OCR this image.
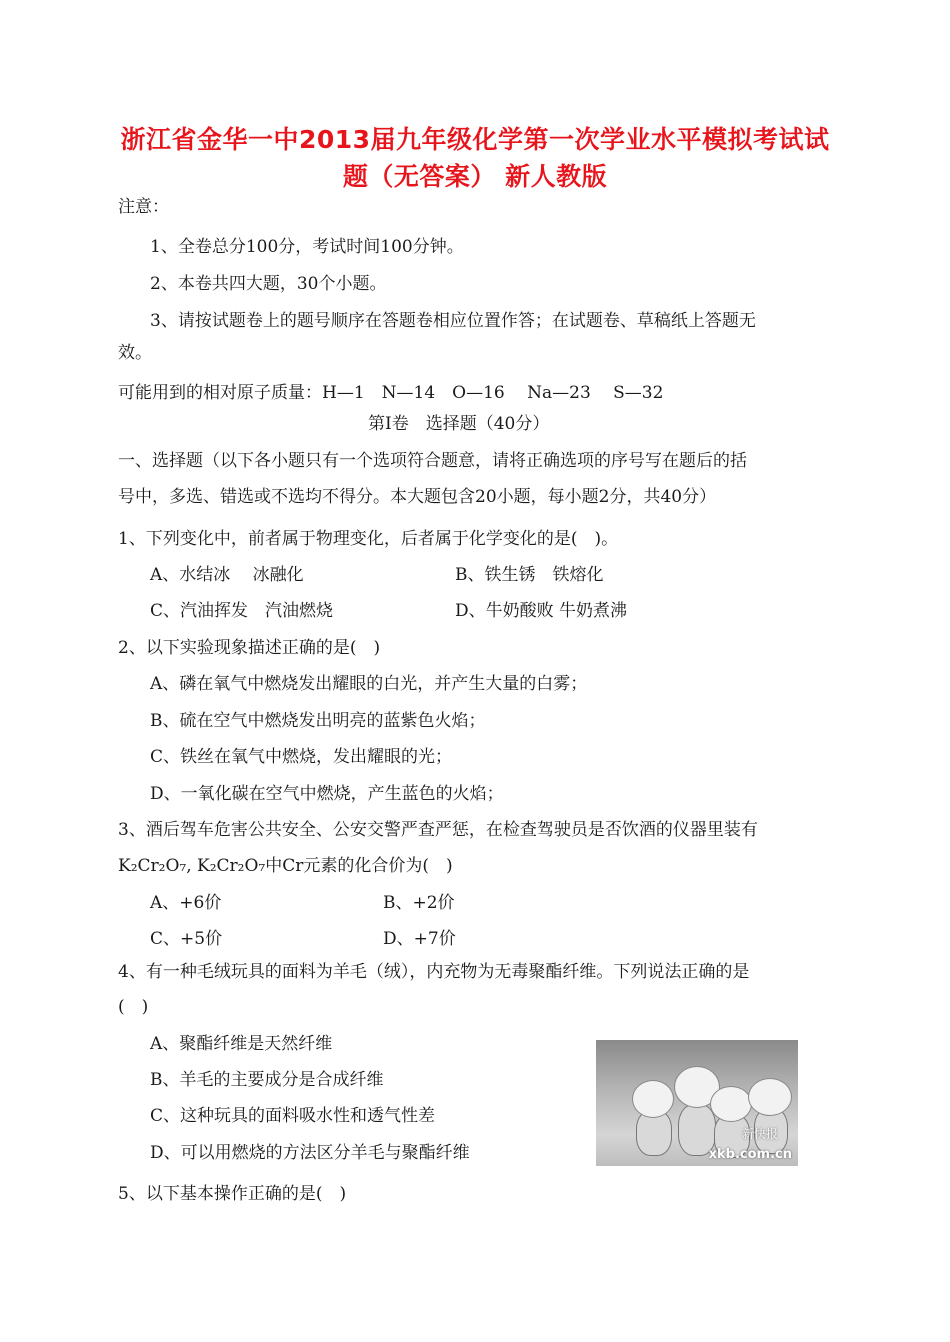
浙江省金华一中2013届九年级化学第一次学业水平模拟考试试
题（无答案） 新人教版
注意：
1、全卷总分100分，考试时间100分钟。
2、本卷共四大题，30个小题。
3、请按试题卷上的题号顺序在答题卷相应位置作答；在试题卷、草稿纸上答题无
效。
可能用到的相对原子质量：H—1　N—14　O—16　 Na—23　 S—32
第Ⅰ卷　选择题（40分）
一、选择题（以下各小题只有一个选项符合题意，请将正确选项的序号写在题后的括
号中，多选、错选或不选均不得分。本大题包含20小题，每小题2分，共40分）
1、下列变化中，前者属于物理变化，后者属于化学变化的是(　)。
A、水结冰　 冰融化	B、铁生锈　铁熔化
C、汽油挥发　汽油燃烧	D、牛奶酸败 牛奶煮沸
2、以下实验现象描述正确的是(　)
A、磷在氧气中燃烧发出耀眼的白光，并产生大量的白雾；
B、硫在空气中燃烧发出明亮的蓝紫色火焰；
C、铁丝在氧气中燃烧，发出耀眼的光；
D、一氧化碳在空气中燃烧，产生蓝色的火焰；
3、酒后驾车危害公共安全、公安交警严查严惩，在检查驾驶员是否饮酒的仪器里装有
K₂Cr₂O₇, K₂Cr₂O₇中Cr元素的化合价为(　)
A、+6价	B、+2价
C、+5价	D、+7价
4、有一种毛绒玩具的面料为羊毛（绒），内充物为无毒聚酯纤维。下列说法正确的是
(　)
A、聚酯纤维是天然纤维
B、羊毛的主要成分是合成纤维
C、这种玩具的面料吸水性和透气性差
D、可以用燃烧的方法区分羊毛与聚酯纤维
新快报
xkb.com.cn
5、以下基本操作正确的是(　)
